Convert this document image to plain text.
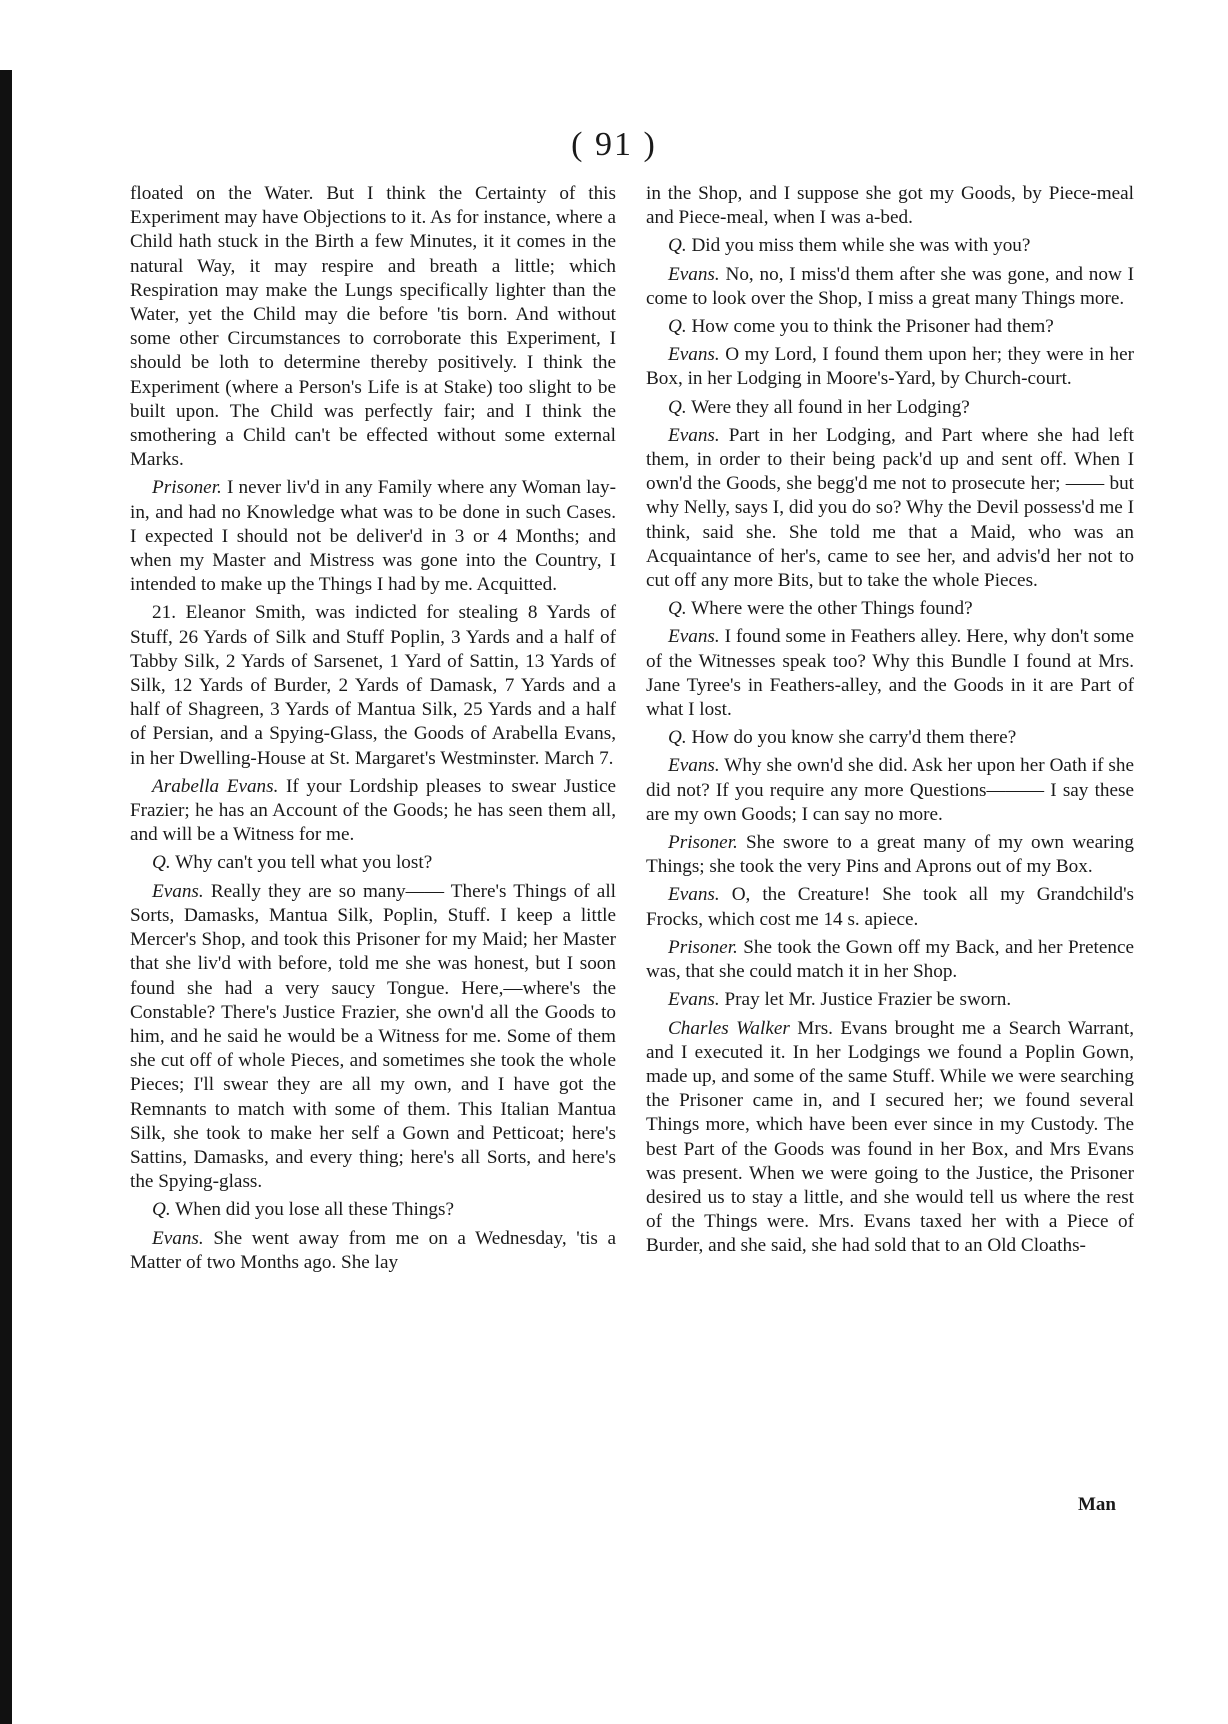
( 91 )

floated on the Water. But I think the Certainty of this Experiment may have Objections to it. As for instance, where a Child hath stuck in the Birth a few Minutes, it it comes in the natural Way, it may respire and breath a little; which Respiration may make the Lungs specifically lighter than the Water, yet the Child may die before 'tis born. And without some other Circumstances to corroborate this Experiment, I should be loth to determine thereby positively. I think the Experiment (where a Person's Life is at Stake) too slight to be built upon. The Child was perfectly fair; and I think the smothering a Child can't be effected without some external Marks.

Prisoner. I never liv'd in any Family where any Woman lay-in, and had no Knowledge what was to be done in such Cases. I expected I should not be deliver'd in 3 or 4 Months; and when my Master and Mistress was gone into the Country, I intended to make up the Things I had by me. Acquitted.

21. Eleanor Smith, was indicted for stealing 8 Yards of Stuff, 26 Yards of Silk and Stuff Poplin, 3 Yards and a half of Tabby Silk, 2 Yards of Sarsenet, 1 Yard of Sattin, 13 Yards of Silk, 12 Yards of Burder, 2 Yards of Damask, 7 Yards and a half of Shagreen, 3 Yards of Mantua Silk, 25 Yards and a half of Persian, and a Spying-Glass, the Goods of Arabella Evans, in her Dwelling-House at St. Margaret's Westminster. March 7.

Arabella Evans. If your Lordship pleases to swear Justice Frazier; he has an Account of the Goods; he has seen them all, and will be a Witness for me.

Q. Why can't you tell what you lost?

Evans. Really they are so many—— There's Things of all Sorts, Damasks, Mantua Silk, Poplin, Stuff. I keep a little Mercer's Shop, and took this Prisoner for my Maid; her Master that she liv'd with before, told me she was honest, but I soon found she had a very saucy Tongue. Here,—where's the Constable? There's Justice Frazier, she own'd all the Goods to him, and he said he would be a Witness for me. Some of them she cut off of whole Pieces, and sometimes she took the whole Pieces; I'll swear they are all my own, and I have got the Remnants to match with some of them. This Italian Mantua Silk, she took to make her self a Gown and Petticoat; here's Sattins, Damasks, and every thing; here's all Sorts, and here's the Spying-glass.

Q. When did you lose all these Things?

Evans. She went away from me on a Wednesday, 'tis a Matter of two Months ago. She lay

in the Shop, and I suppose she got my Goods, by Piece-meal and Piece-meal, when I was a-bed.

Q. Did you miss them while she was with you?

Evans. No, no, I miss'd them after she was gone, and now I come to look over the Shop, I miss a great many Things more.

Q. How come you to think the Prisoner had them?

Evans. O my Lord, I found them upon her; they were in her Box, in her Lodging in Moore's-Yard, by Church-court.

Q. Were they all found in her Lodging?

Evans. Part in her Lodging, and Part where she had left them, in order to their being pack'd up and sent off. When I own'd the Goods, she begg'd me not to prosecute her; —— but why Nelly, says I, did you do so? Why the Devil possess'd me I think, said she. She told me that a Maid, who was an Acquaintance of her's, came to see her, and advis'd her not to cut off any more Bits, but to take the whole Pieces.

Q. Where were the other Things found?

Evans. I found some in Feathers alley. Here, why don't some of the Witnesses speak too? Why this Bundle I found at Mrs. Jane Tyree's in Feathers-alley, and the Goods in it are Part of what I lost.

Q. How do you know she carry'd them there?

Evans. Why she own'd she did. Ask her upon her Oath if she did not? If you require any more Questions——— I say these are my own Goods; I can say no more.

Prisoner. She swore to a great many of my own wearing Things; she took the very Pins and Aprons out of my Box.

Evans. O, the Creature! She took all my Grandchild's Frocks, which cost me 14 s. apiece.

Prisoner. She took the Gown off my Back, and her Pretence was, that she could match it in her Shop.

Evans. Pray let Mr. Justice Frazier be sworn.

Charles Walker Mrs. Evans brought me a Search Warrant, and I executed it. In her Lodgings we found a Poplin Gown, made up, and some of the same Stuff. While we were searching the Prisoner came in, and I secured her; we found several Things more, which have been ever since in my Custody. The best Part of the Goods was found in her Box, and Mrs Evans was present. When we were going to the Justice, the Prisoner desired us to stay a little, and she would tell us where the rest of the Things were. Mrs. Evans taxed her with a Piece of Burder, and she said, she had sold that to an Old Cloaths-

Man
